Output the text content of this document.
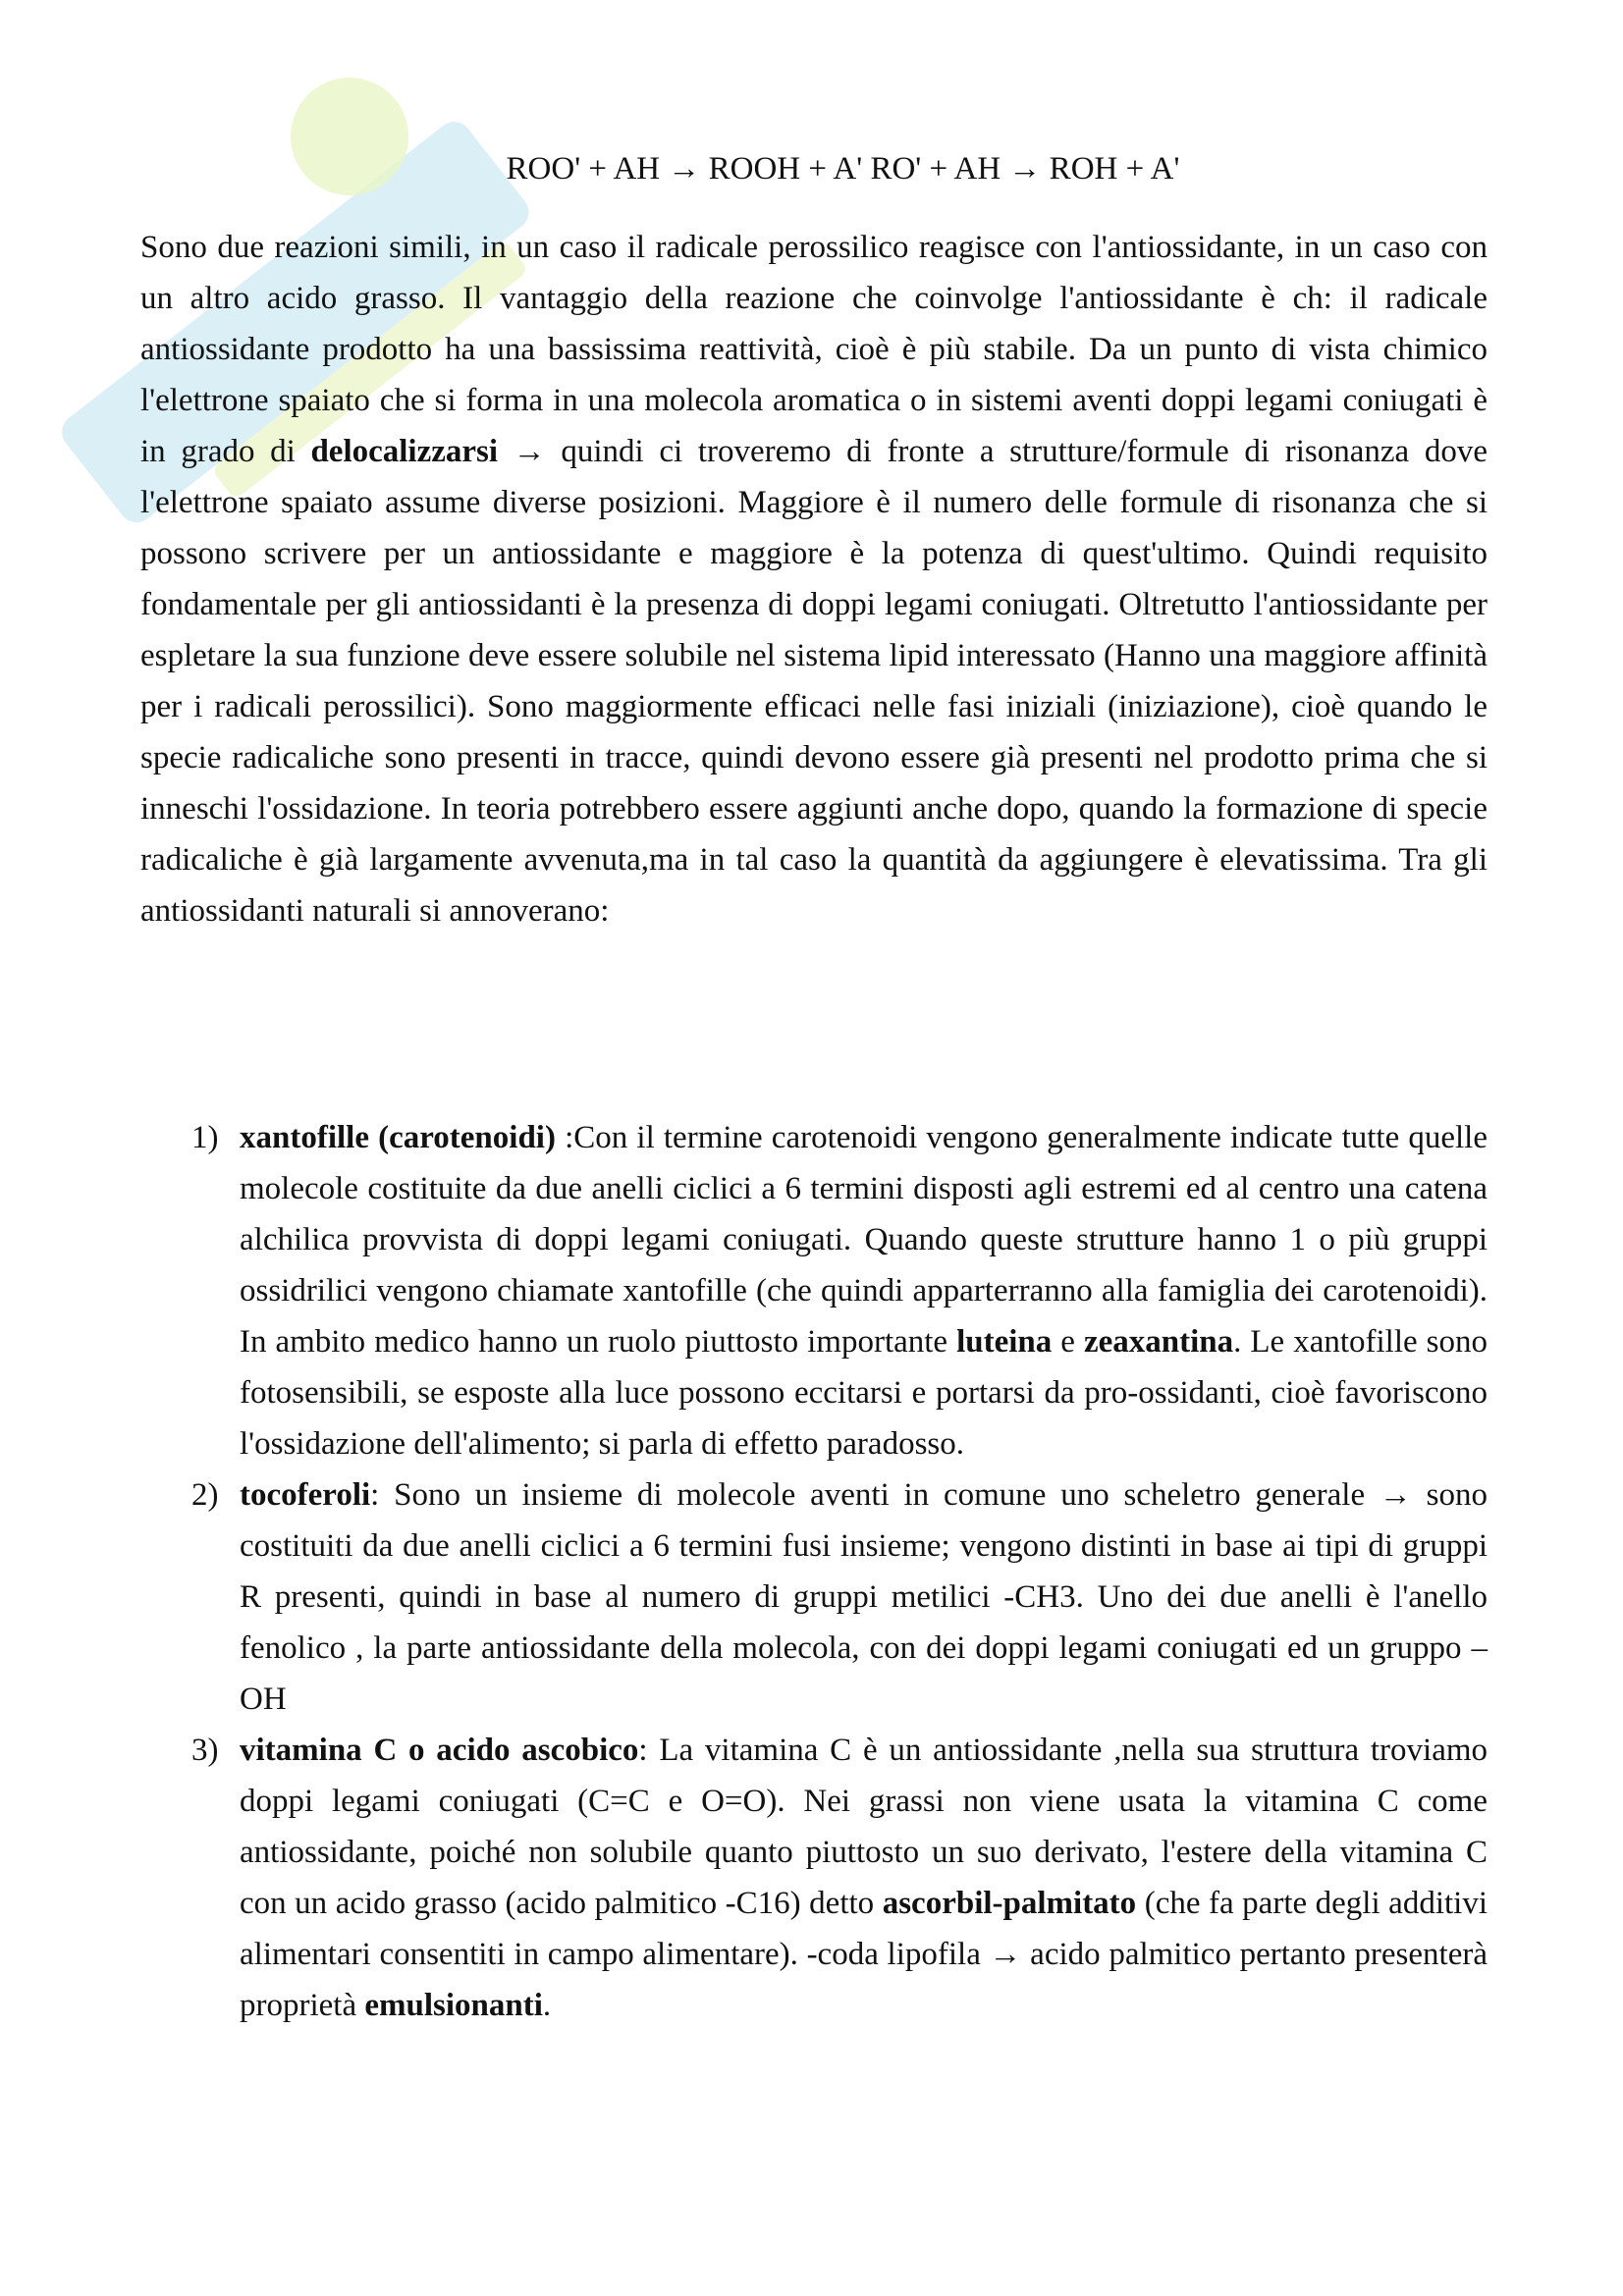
ROO' + AH → ROOH + A' RO' + AH → ROH + A'

Sono due reazioni simili, in un caso il radicale perossilico reagisce con l'antiossidante, in un caso con un altro acido grasso. Il vantaggio della reazione che coinvolge l'antiossidante è ch: il radicale antiossidante prodotto ha una bassissima reattività, cioè è più stabile. Da un punto di vista chimico l'elettrone spaiato che si forma in una molecola aromatica o in sistemi aventi doppi legami coniugati è in grado di delocalizzarsi → quindi ci troveremo di fronte a strutture/formule di risonanza dove l'elettrone spaiato assume diverse posizioni. Maggiore è il numero delle formule di risonanza che si possono scrivere per un antiossidante e maggiore è la potenza di quest'ultimo. Quindi requisito fondamentale per gli antiossidanti è la presenza di doppi legami coniugati. Oltretutto l'antiossidante per espletare la sua funzione deve essere solubile nel sistema lipid interessato (Hanno una maggiore affinità per i radicali perossilici). Sono maggiormente efficaci nelle fasi iniziali (iniziazione), cioè quando le specie radicaliche sono presenti in tracce, quindi devono essere già presenti nel prodotto prima che si inneschi l'ossidazione. In teoria potrebbero essere aggiunti anche dopo, quando la formazione di specie radicaliche è già largamente avvenuta,ma in tal caso la quantità da aggiungere è elevatissima. Tra gli antiossidanti naturali si annoverano:

1) xantofille (carotenoidi) :Con il termine carotenoidi vengono generalmente indicate tutte quelle molecole costituite da due anelli ciclici a 6 termini disposti agli estremi ed al centro una catena alchilica provvista di doppi legami coniugati. Quando queste strutture hanno 1 o più gruppi ossidrilici vengono chiamate xantofille (che quindi apparterranno alla famiglia dei carotenoidi). In ambito medico hanno un ruolo piuttosto importante luteina e zeaxantina. Le xantofille sono fotosensibili, se esposte alla luce possono eccitarsi e portarsi da pro-ossidanti, cioè favoriscono l'ossidazione dell'alimento; si parla di effetto paradosso.
2) tocoferoli: Sono un insieme di molecole aventi in comune uno scheletro generale → sono costituiti da due anelli ciclici a 6 termini fusi insieme; vengono distinti in base ai tipi di gruppi R presenti, quindi in base al numero di gruppi metilici -CH3. Uno dei due anelli è l'anello fenolico , la parte antiossidante della molecola, con dei doppi legami coniugati ed un gruppo –OH
3) vitamina C o acido ascobico: La vitamina C è un antiossidante ,nella sua struttura troviamo doppi legami coniugati (C=C e O=O). Nei grassi non viene usata la vitamina C come antiossidante, poiché non solubile quanto piuttosto un suo derivato, l'estere della vitamina C con un acido grasso (acido palmitico -C16) detto ascorbil-palmitato (che fa parte degli additivi alimentari consentiti in campo alimentare). -coda lipofila → acido palmitico pertanto presenterà proprietà emulsionanti.
